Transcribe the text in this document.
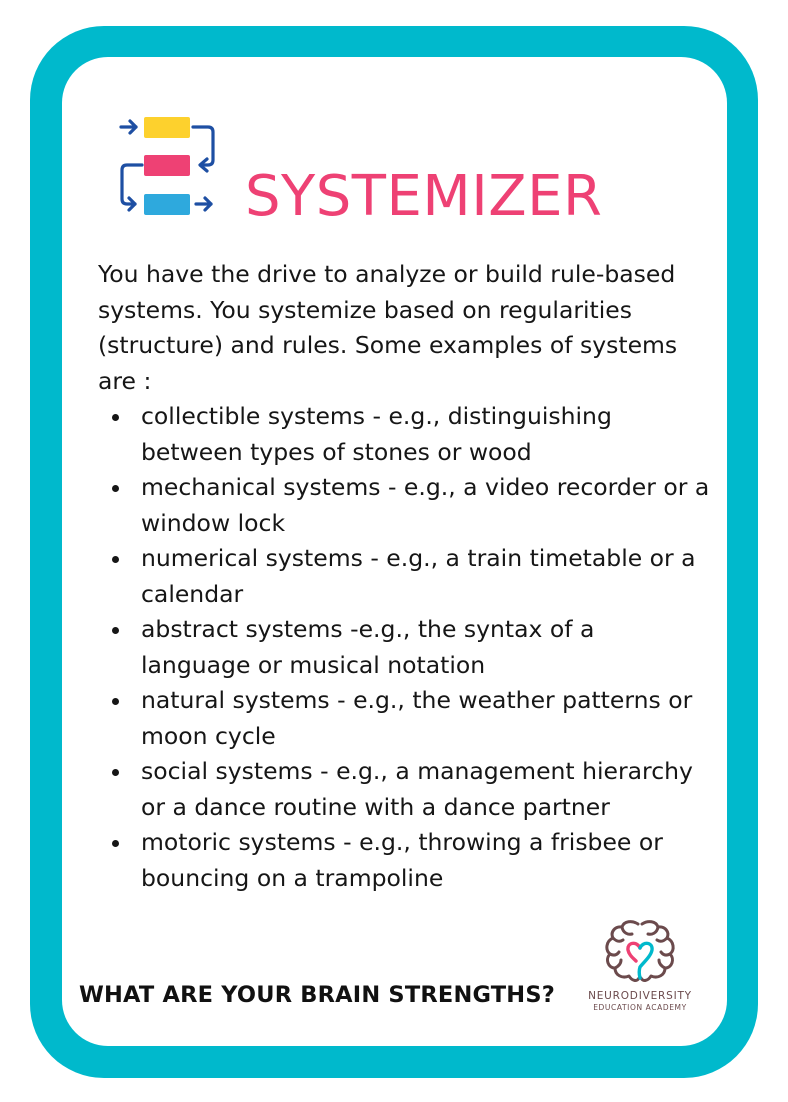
SYSTEMIZER

You have the drive to analyze or build rule-based systems. You systemize based on regularities (structure) and rules. Some examples of systems are :

collectible systems - e.g., distinguishing between types of stones or wood
mechanical systems - e.g., a video recorder or a window lock
numerical systems - e.g., a train timetable or a calendar
abstract systems -e.g., the syntax of a language or musical notation
natural systems - e.g., the weather patterns or moon cycle
social systems - e.g., a management hierarchy or a dance routine with a dance partner
motoric systems - e.g., throwing a frisbee or bouncing on a trampoline

WHAT ARE YOUR BRAIN STRENGTHS?	NEURODIVERSITY
EDUCATION ACADEMY
